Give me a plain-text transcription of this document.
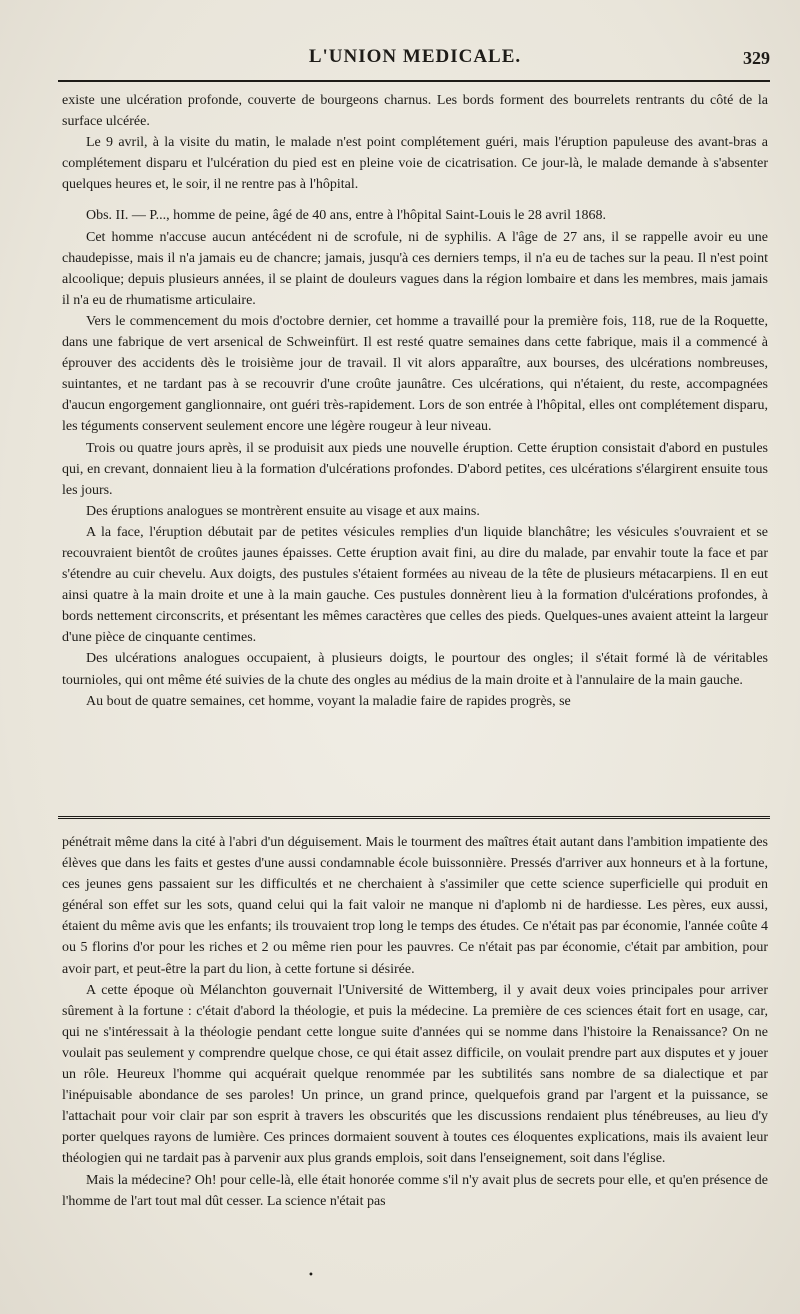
L'UNION MEDICALE.	329

existe une ulcération profonde, couverte de bourgeons charnus. Les bords forment des bourrelets rentrants du côté de la surface ulcérée.

Le 9 avril, à la visite du matin, le malade n'est point complétement guéri, mais l'éruption papuleuse des avant-bras a complétement disparu et l'ulcération du pied est en pleine voie de cicatrisation. Ce jour-là, le malade demande à s'absenter quelques heures et, le soir, il ne rentre pas à l'hôpital.

Obs. II. — P..., homme de peine, âgé de 40 ans, entre à l'hôpital Saint-Louis le 28 avril 1868.

Cet homme n'accuse aucun antécédent ni de scrofule, ni de syphilis. A l'âge de 27 ans, il se rappelle avoir eu une chaudepisse, mais il n'a jamais eu de chancre; jamais, jusqu'à ces derniers temps, il n'a eu de taches sur la peau. Il n'est point alcoolique; depuis plusieurs années, il se plaint de douleurs vagues dans la région lombaire et dans les membres, mais jamais il n'a eu de rhumatisme articulaire.

Vers le commencement du mois d'octobre dernier, cet homme a travaillé pour la première fois, 118, rue de la Roquette, dans une fabrique de vert arsenical de Schweinfürt. Il est resté quatre semaines dans cette fabrique, mais il a commencé à éprouver des accidents dès le troisième jour de travail. Il vit alors apparaître, aux bourses, des ulcérations nombreuses, suintantes, et ne tardant pas à se recouvrir d'une croûte jaunâtre. Ces ulcérations, qui n'étaient, du reste, accompagnées d'aucun engorgement ganglionnaire, ont guéri très-rapidement. Lors de son entrée à l'hôpital, elles ont complétement disparu, les téguments conservent seulement encore une légère rougeur à leur niveau.

Trois ou quatre jours après, il se produisit aux pieds une nouvelle éruption. Cette éruption consistait d'abord en pustules qui, en crevant, donnaient lieu à la formation d'ulcérations profondes. D'abord petites, ces ulcérations s'élargirent ensuite tous les jours.

Des éruptions analogues se montrèrent ensuite au visage et aux mains.

A la face, l'éruption débutait par de petites vésicules remplies d'un liquide blanchâtre; les vésicules s'ouvraient et se recouvraient bientôt de croûtes jaunes épaisses. Cette éruption avait fini, au dire du malade, par envahir toute la face et par s'étendre au cuir chevelu. Aux doigts, des pustules s'étaient formées au niveau de la tête de plusieurs métacarpiens. Il en eut ainsi quatre à la main droite et une à la main gauche. Ces pustules donnèrent lieu à la formation d'ulcérations profondes, à bords nettement circonscrits, et présentant les mêmes caractères que celles des pieds. Quelques-unes avaient atteint la largeur d'une pièce de cinquante centimes.

Des ulcérations analogues occupaient, à plusieurs doigts, le pourtour des ongles; il s'était formé là de véritables tournioles, qui ont même été suivies de la chute des ongles au médius de la main droite et à l'annulaire de la main gauche.

Au bout de quatre semaines, cet homme, voyant la maladie faire de rapides progrès, se

pénétrait même dans la cité à l'abri d'un déguisement. Mais le tourment des maîtres était autant dans l'ambition impatiente des élèves que dans les faits et gestes d'une aussi condamnable école buissonnière. Pressés d'arriver aux honneurs et à la fortune, ces jeunes gens passaient sur les difficultés et ne cherchaient à s'assimiler que cette science superficielle qui produit en général son effet sur les sots, quand celui qui la fait valoir ne manque ni d'aplomb ni de hardiesse. Les pères, eux aussi, étaient du même avis que les enfants; ils trouvaient trop long le temps des études. Ce n'était pas par économie, l'année coûte 4 ou 5 florins d'or pour les riches et 2 ou même rien pour les pauvres. Ce n'était pas par économie, c'était par ambition, pour avoir part, et peut-être la part du lion, à cette fortune si désirée.

A cette époque où Mélanchton gouvernait l'Université de Wittemberg, il y avait deux voies principales pour arriver sûrement à la fortune : c'était d'abord la théologie, et puis la médecine. La première de ces sciences était fort en usage, car, qui ne s'intéressait à la théologie pendant cette longue suite d'années qui se nomme dans l'histoire la Renaissance? On ne voulait pas seulement y comprendre quelque chose, ce qui était assez difficile, on voulait prendre part aux disputes et y jouer un rôle. Heureux l'homme qui acquérait quelque renommée par les subtilités sans nombre de sa dialectique et par l'inépuisable abondance de ses paroles! Un prince, un grand prince, quelquefois grand par l'argent et la puissance, se l'attachait pour voir clair par son esprit à travers les obscurités que les discussions rendaient plus ténébreuses, au lieu d'y porter quelques rayons de lumière. Ces princes dormaient souvent à toutes ces éloquentes explications, mais ils avaient leur théologien qui ne tardait pas à parvenir aux plus grands emplois, soit dans l'enseignement, soit dans l'église.

Mais la médecine? Oh! pour celle-là, elle était honorée comme s'il n'y avait plus de secrets pour elle, et qu'en présence de l'homme de l'art tout mal dût cesser. La science n'était pas

•
